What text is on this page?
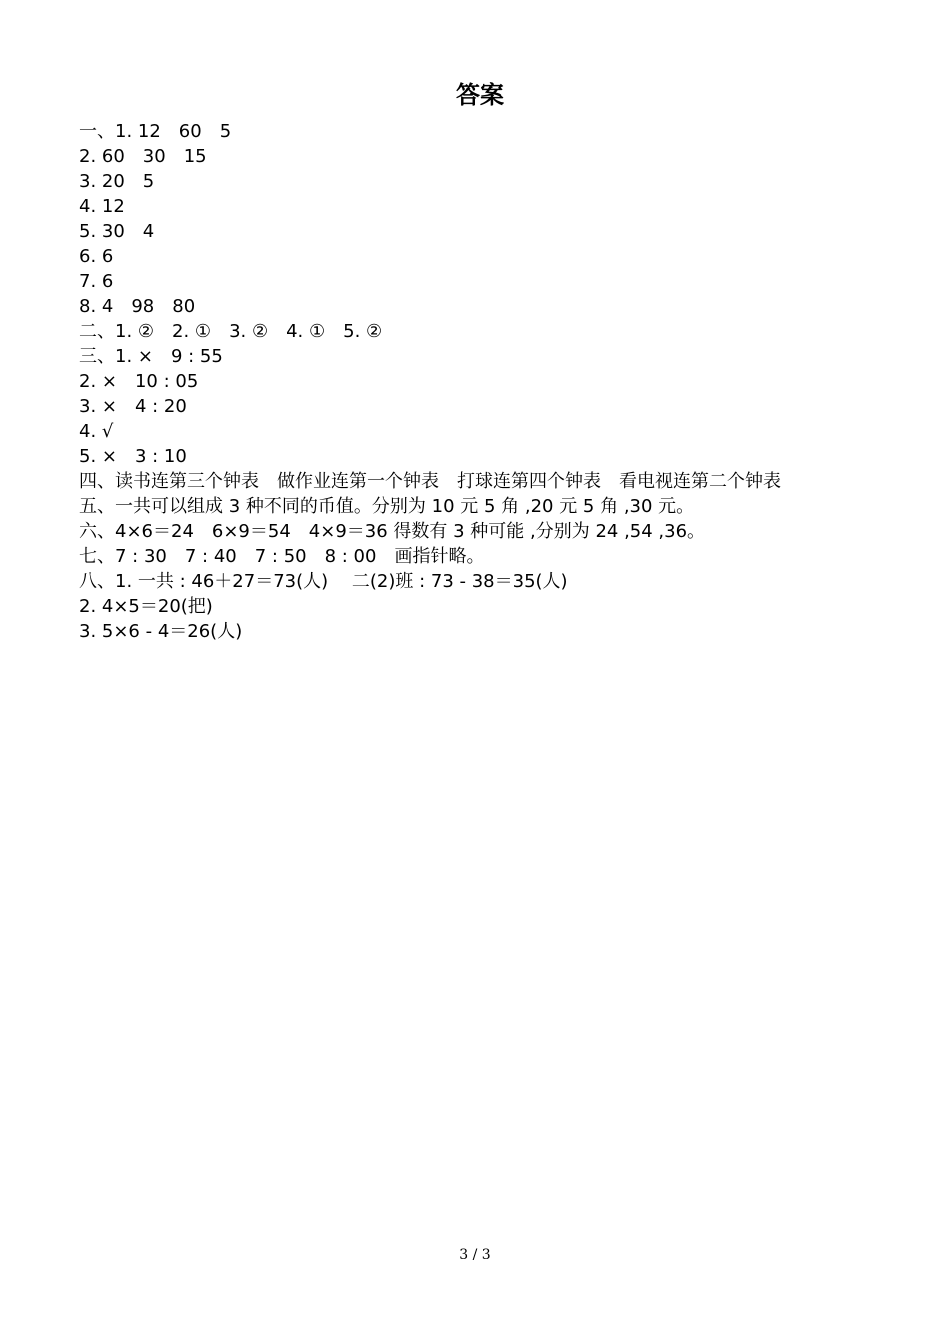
答案
一、1. 12　60　5
2. 60　30　15
3. 20　5
4. 12
5. 30　4
6. 6
7. 6
8. 4　98　80
二、1. ②　2. ①　3. ②　4. ①　5. ②
三、1. ×　9 : 55
2. ×　10 : 05
3. ×　4 : 20
4. √
5. ×　3 : 10
四、读书连第三个钟表　做作业连第一个钟表　打球连第四个钟表　看电视连第二个钟表
五、一共可以组成 3 种不同的币值。分别为 10 元 5 角 ,20 元 5 角 ,30 元。
六、4×6＝24　6×9＝54　4×9＝36 得数有 3 种可能 ,分别为 24 ,54 ,36。
七、7 : 30　7 : 40　7 : 50　8 : 00　画指针略。
八、1. 一共 : 46＋27＝73(人)　 二(2)班 : 73 - 38＝35(人)
2. 4×5＝20(把)
3. 5×6 - 4＝26(人)
3 / 3
